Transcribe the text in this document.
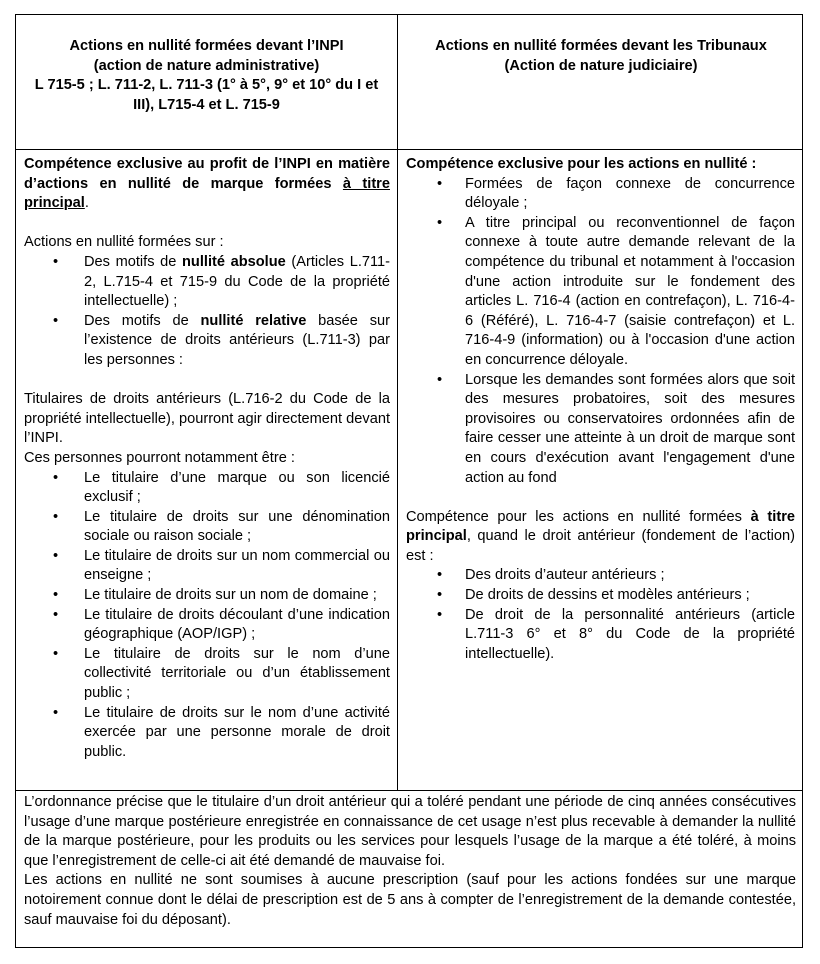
Actions en nullité formées devant l’INPI

(action de nature administrative)

L 715-5 ; L. 711-2, L. 711-3 (1° à 5°, 9° et 10° du I et III), L715-4 et L. 715-9

Actions en nullité formées devant les Tribunaux

(Action de nature judiciaire)

Compétence exclusive au profit de l’INPI en matière d’actions en nullité de marque formées à titre principal.

Actions en nullité formées sur :

• Des motifs de nullité absolue (Articles L.711-2, L.715-4 et 715-9 du Code de la propriété intellectuelle) ;
• Des motifs de nullité relative basée sur l’existence de droits antérieurs (L.711-3) par les personnes :

Titulaires de droits antérieurs (L.716-2 du Code de la propriété intellectuelle), pourront agir directement devant l’INPI.

Ces personnes pourront notamment être :

• Le titulaire d’une marque ou son licencié exclusif ;
• Le titulaire de droits sur une dénomination sociale ou raison sociale ;
• Le titulaire de droits sur un nom commercial ou enseigne ;
• Le titulaire de droits sur un nom de domaine ;
• Le titulaire de droits découlant d’une indication géographique (AOP/IGP) ;
• Le titulaire de droits sur le nom d’une collectivité territoriale ou d’un établissement public ;
• Le titulaire de droits sur le nom d’une activité exercée par une personne morale de droit public.

Compétence exclusive pour les actions en nullité :

• Formées de façon connexe de concurrence déloyale ;
• A titre principal ou reconventionnel de façon connexe à toute autre demande relevant de la compétence du tribunal et notamment à l'occasion d'une action introduite sur le fondement des articles L. 716-4 (action en contrefaçon), L. 716-4-6 (Référé), L. 716-4-7 (saisie contrefaçon) et L. 716-4-9 (information) ou à l'occasion d'une action en concurrence déloyale.
• Lorsque les demandes sont formées alors que soit des mesures probatoires, soit des mesures provisoires ou conservatoires ordonnées afin de faire cesser une atteinte à un droit de marque sont en cours d'exécution avant l'engagement d'une action au fond

Compétence pour les actions en nullité formées à titre principal, quand le droit antérieur (fondement de l’action) est :

• Des droits d’auteur antérieurs ;
• De droits de dessins et modèles antérieurs ;
• De droit de la personnalité antérieurs (article L.711-3 6° et 8° du Code de la propriété intellectuelle).

L’ordonnance précise que le titulaire d’un droit antérieur qui a toléré pendant une période de cinq années consécutives l’usage d’une marque postérieure enregistrée en connaissance de cet usage n’est plus recevable à demander la nullité de la marque postérieure, pour les produits ou les services pour lesquels l’usage de la marque a été toléré, à moins que l’enregistrement de celle-ci ait été demandé de mauvaise foi.

Les actions en nullité ne sont soumises à aucune prescription (sauf pour les actions fondées sur une marque notoirement connue dont le délai de prescription est de 5 ans à compter de l’enregistrement de la demande contestée, sauf mauvaise foi du déposant).
